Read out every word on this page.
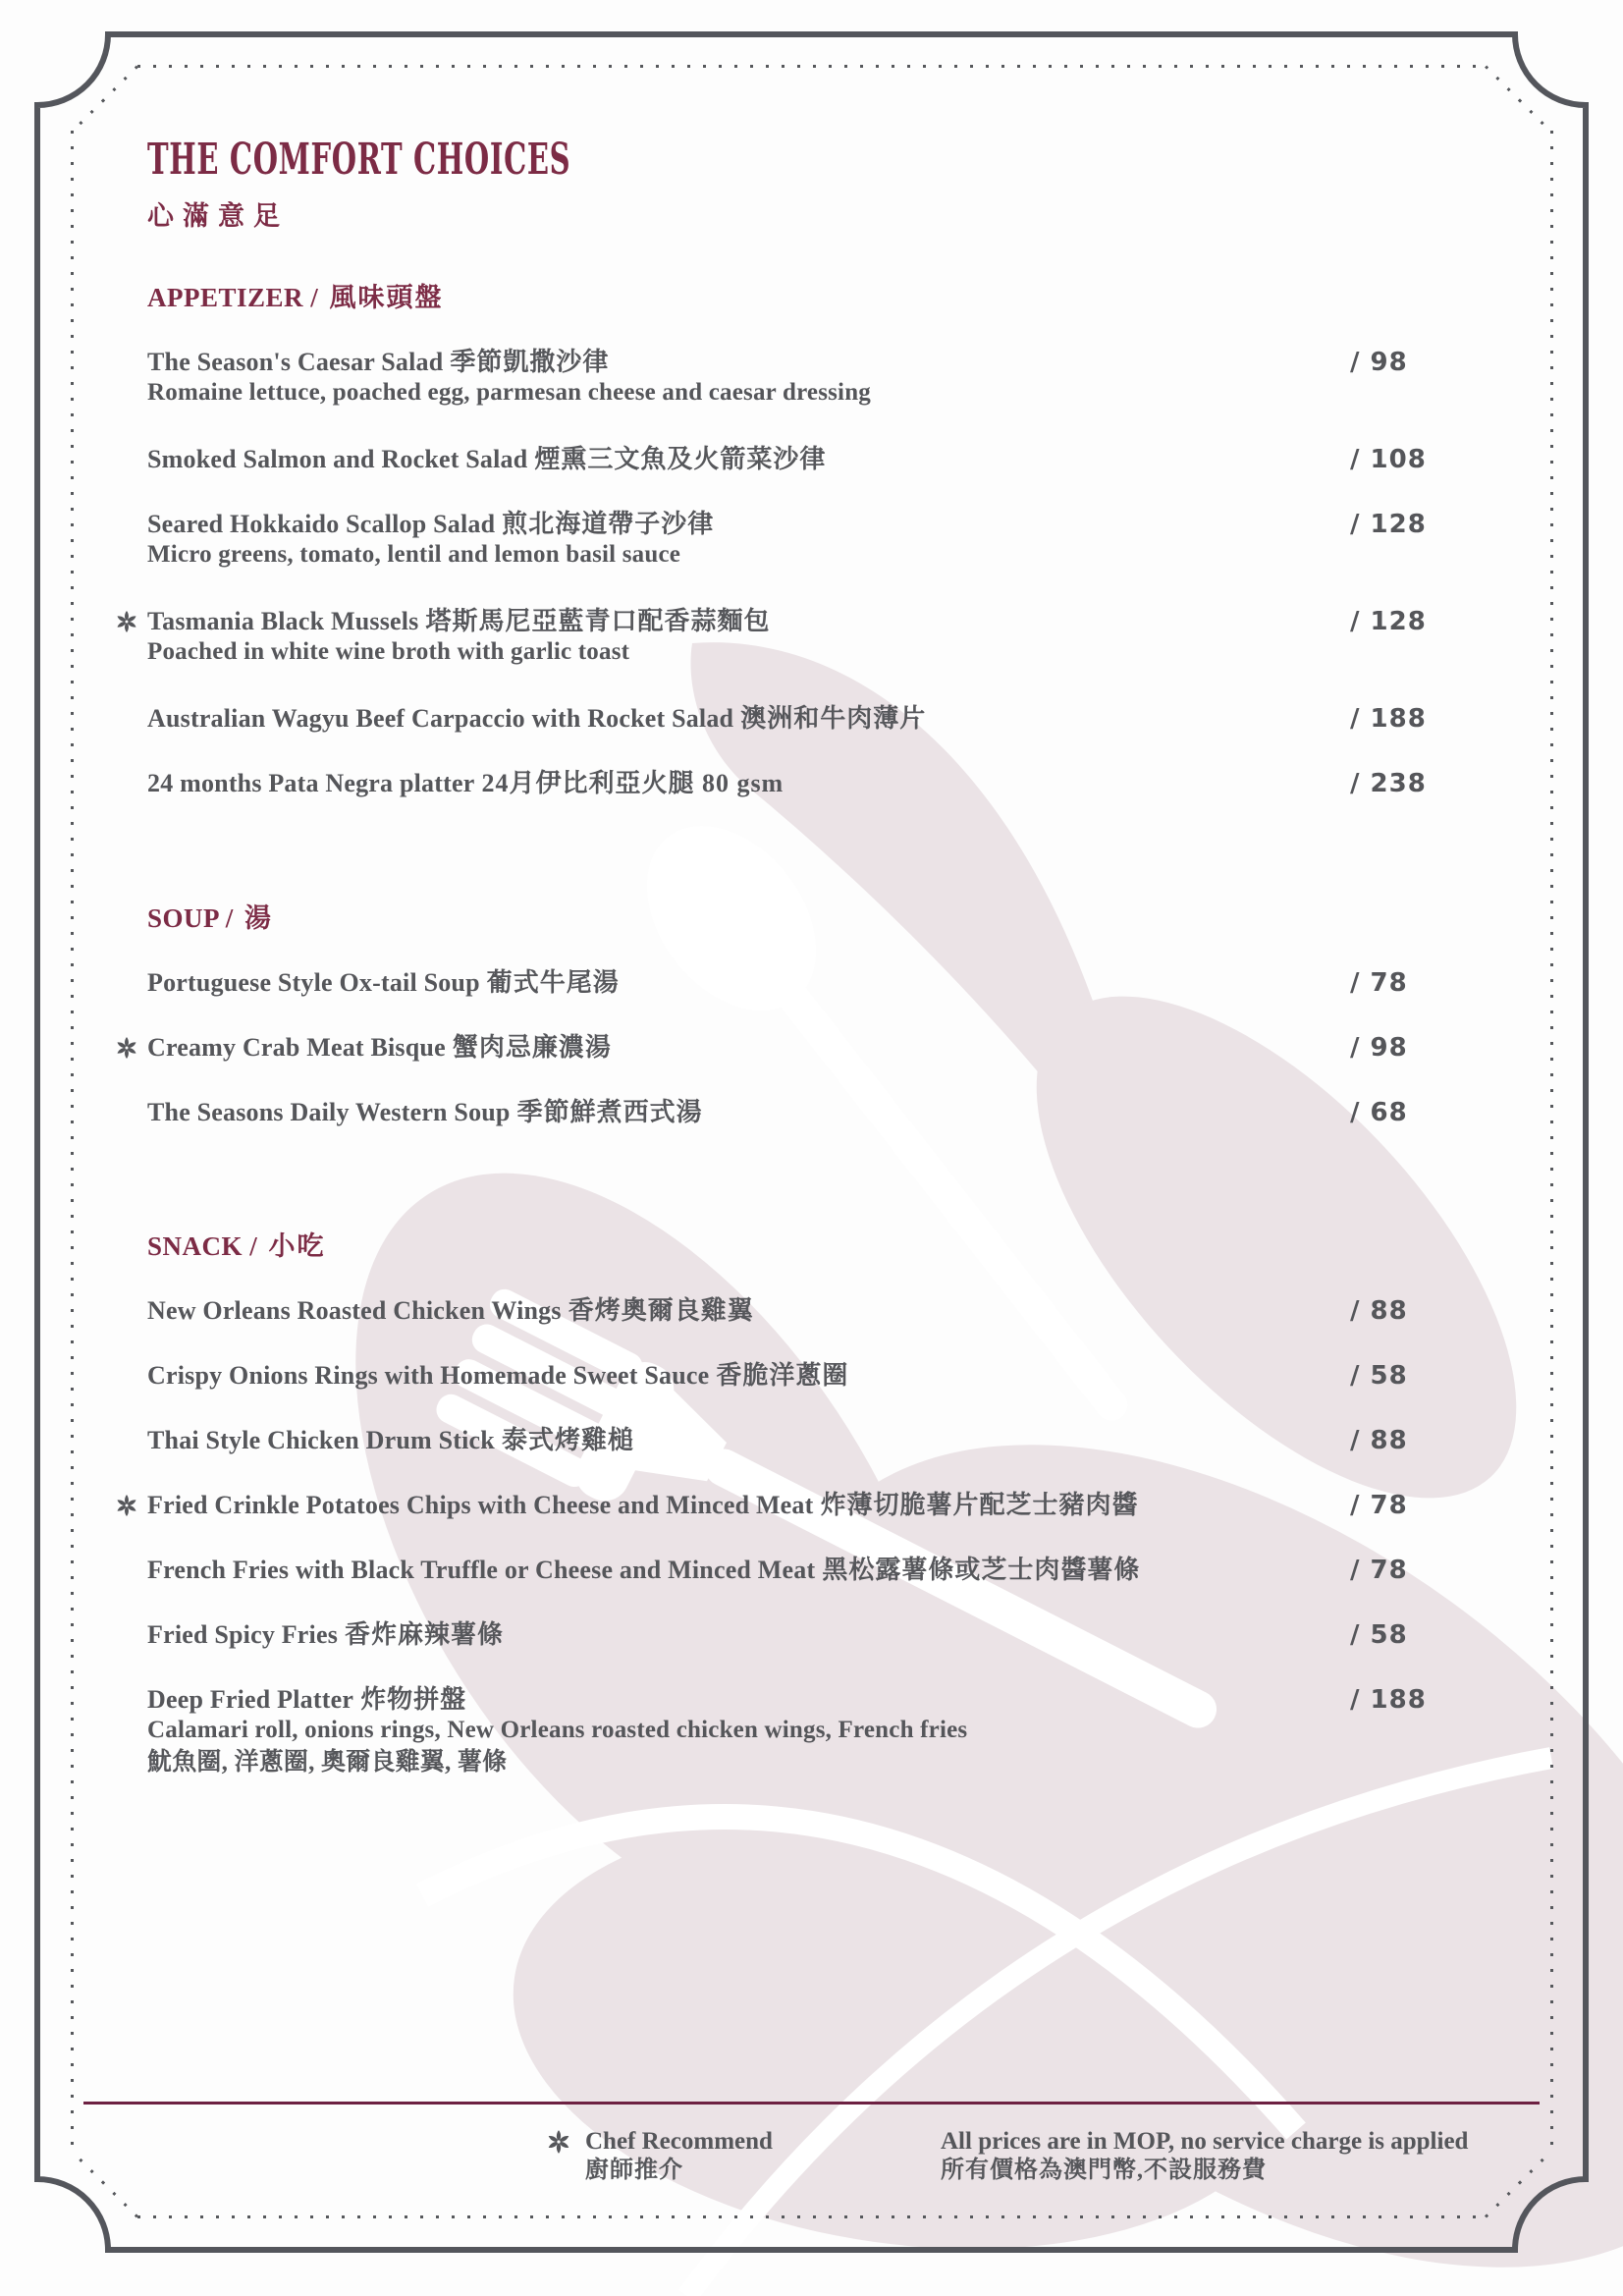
THE COMFORT CHOICES
心滿意足
APPETIZER / 風味頭盤
The Season's Caesar Salad 季節凱撒沙律	/ 98
Romaine lettuce, poached egg, parmesan cheese and caesar dressing
Smoked Salmon and Rocket Salad 煙熏三文魚及火箭菜沙律	/ 108
Seared Hokkaido Scallop Salad 煎北海道帶子沙律	/ 128
Micro greens, tomato, lentil and lemon basil sauce
Tasmania Black Mussels 塔斯馬尼亞藍青口配香蒜麵包	/ 128
Poached in white wine broth with garlic toast
Australian Wagyu Beef Carpaccio with Rocket Salad 澳洲和牛肉薄片	/ 188
24 months Pata Negra platter 24月伊比利亞火腿 80 gsm	/ 238
SOUP / 湯
Portuguese Style Ox-tail Soup 葡式牛尾湯	/ 78
Creamy Crab Meat Bisque 蟹肉忌廉濃湯	/ 98
The Seasons Daily Western Soup 季節鮮煮西式湯	/ 68
SNACK / 小吃
New Orleans Roasted Chicken Wings 香烤奧爾良雞翼	/ 88
Crispy Onions Rings with Homemade Sweet Sauce 香脆洋蔥圈	/ 58
Thai Style Chicken Drum Stick 泰式烤雞槌	/ 88
Fried Crinkle Potatoes Chips with Cheese and Minced Meat 炸薄切脆薯片配芝士豬肉醬	/ 78
French Fries with Black Truffle or Cheese and Minced Meat 黑松露薯條或芝士肉醬薯條	/ 78
Fried Spicy Fries 香炸麻辣薯條	/ 58
Deep Fried Platter 炸物拼盤	/ 188
Calamari roll, onions rings, New Orleans roasted chicken wings, French fries
魷魚圈, 洋蔥圈, 奧爾良雞翼, 薯條
Chef Recommend
廚師推介
All prices are in MOP, no service charge is applied
所有價格為澳門幣,不設服務費
